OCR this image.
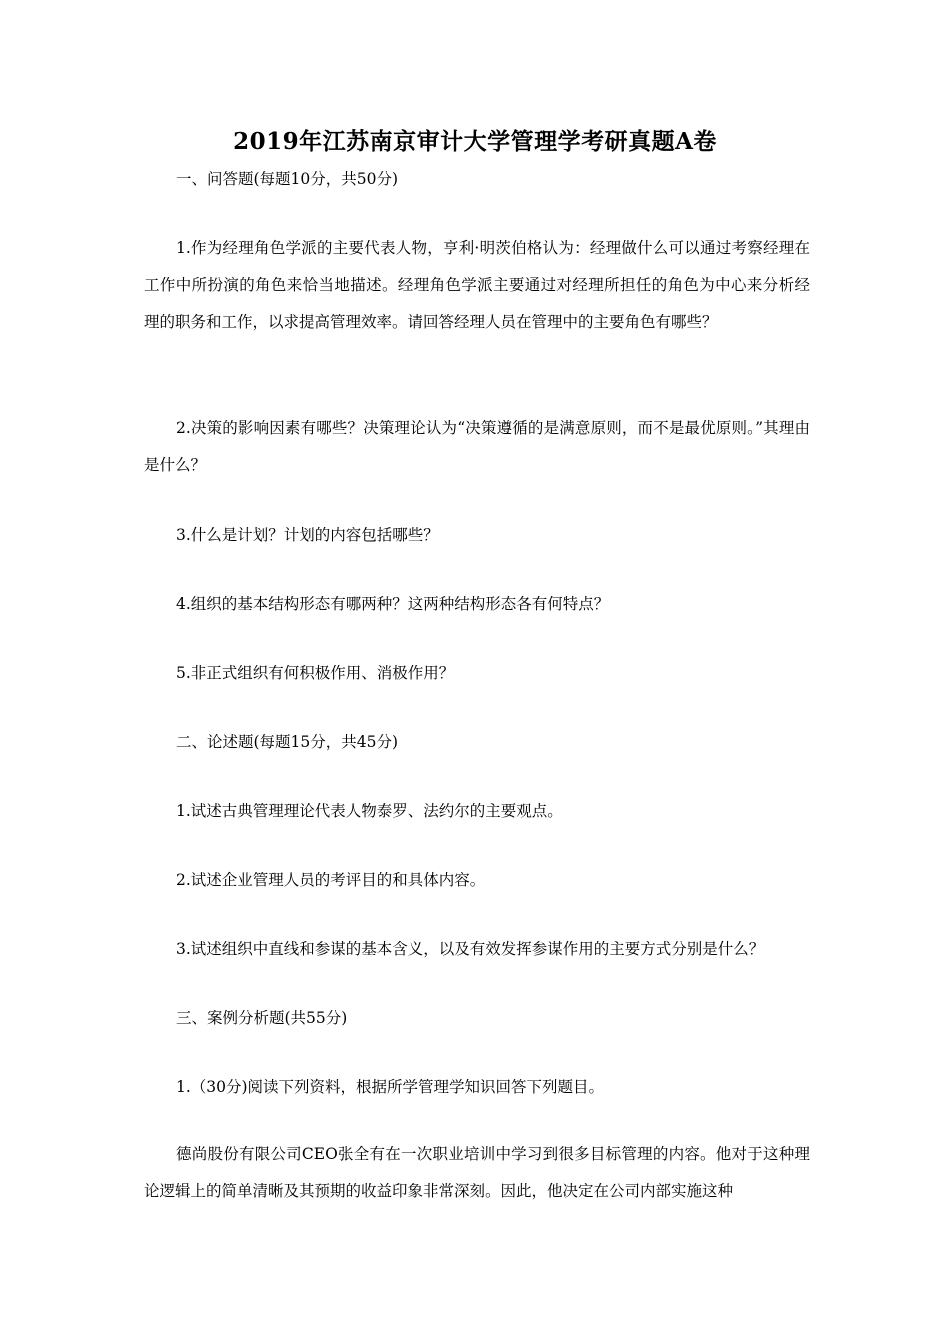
2019年江苏南京审计大学管理学考研真题A卷
一、问答题(每题10分，共50分)
1.作为经理角色学派的主要代表人物，亨利·明茨伯格认为：经理做什么可以通过考察经理在工作中所扮演的角色来恰当地描述。经理角色学派主要通过对经理所担任的角色为中心来分析经理的职务和工作，以求提高管理效率。请回答经理人员在管理中的主要角色有哪些？
2.决策的影响因素有哪些？决策理论认为“决策遵循的是满意原则，而不是最优原则。”其理由是什么？
3.什么是计划？计划的内容包括哪些？
4.组织的基本结构形态有哪两种？这两种结构形态各有何特点？
5.非正式组织有何积极作用、消极作用？
二、论述题(每题15分，共45分)
1.试述古典管理理论代表人物泰罗、法约尔的主要观点。
2.试述企业管理人员的考评目的和具体内容。
3.试述组织中直线和参谋的基本含义，以及有效发挥参谋作用的主要方式分别是什么？
三、案例分析题(共55分)
1.（30分)阅读下列资料，根据所学管理学知识回答下列题目。
德尚股份有限公司CEO张全有在一次职业培训中学习到很多目标管理的内容。他对于这种理论逻辑上的简单清晰及其预期的收益印象非常深刻。因此，他决定在公司内部实施这种
